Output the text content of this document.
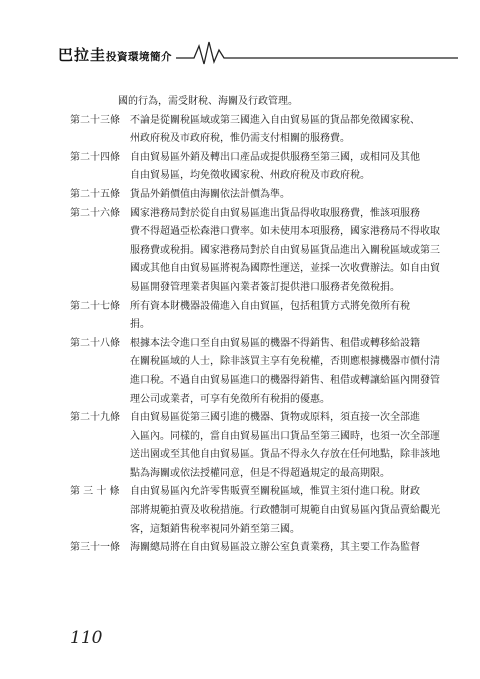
巴拉圭投資環境簡介

國的行為，需受財稅、海關及行政管理。

第二十三條 不論是從關稅區域或第三國進入自由貿易區的貨品都免徵國家稅、
州政府稅及市政府稅，惟仍需支付相關的服務費。
第二十四條 自由貿易區外銷及轉出口產品或提供服務至第三國，或相同及其他
自由貿易區，均免徵收國家稅、州政府稅及市政府稅。
第二十五條 貨品外銷價值由海關依法計價為準。
第二十六條 國家港務局對於從自由貿易區進出貨品得收取服務費，惟該項服務
費不得超過亞松森港口費率。如未使用本項服務，國家港務局不得收取
服務費或稅捐。國家港務局對於自由貿易區貨品進出入關稅區域或第三
國或其他自由貿易區將視為國際性運送，並採一次收費辦法。如自由貿
易區開發管理業者與區內業者簽訂提供港口服務者免徵稅捐。
第二十七條 所有資本財機器設備進入自由貿區，包括租賃方式將免徵所有稅
捐。
第二十八條 根據本法令進口至自由貿易區的機器不得銷售、租借或轉移給設籍
在關稅區域的人士，除非該買主享有免稅權，否則應根據機器市價付清
進口稅。不過自由貿易區進口的機器得銷售、租借或轉讓給區內開發管
理公司或業者，可享有免徵所有稅捐的優惠。
第二十九條 自由貿易區從第三國引進的機器、貨物或原料，須直接一次全部進
入區內。同樣的，當自由貿易區出口貨品至第三國時，也須一次全部運
送出園或至其他自由貿易區。貨品不得永久存放在任何地點，除非該地
點為海關或依法授權同意，但是不得超過規定的最高期限。
第 三 十 條 自由貿易區內允許零售販賣至關稅區域，惟買主須付進口稅。財政
部將規範拍賣及收稅措施。行政體制可規範自由貿易區內貨品賣給觀光
客，這類銷售稅率視同外銷至第三國。
第三十一條 海關總局將在自由貿易區設立辦公室負責業務，其主要工作為監督
110
